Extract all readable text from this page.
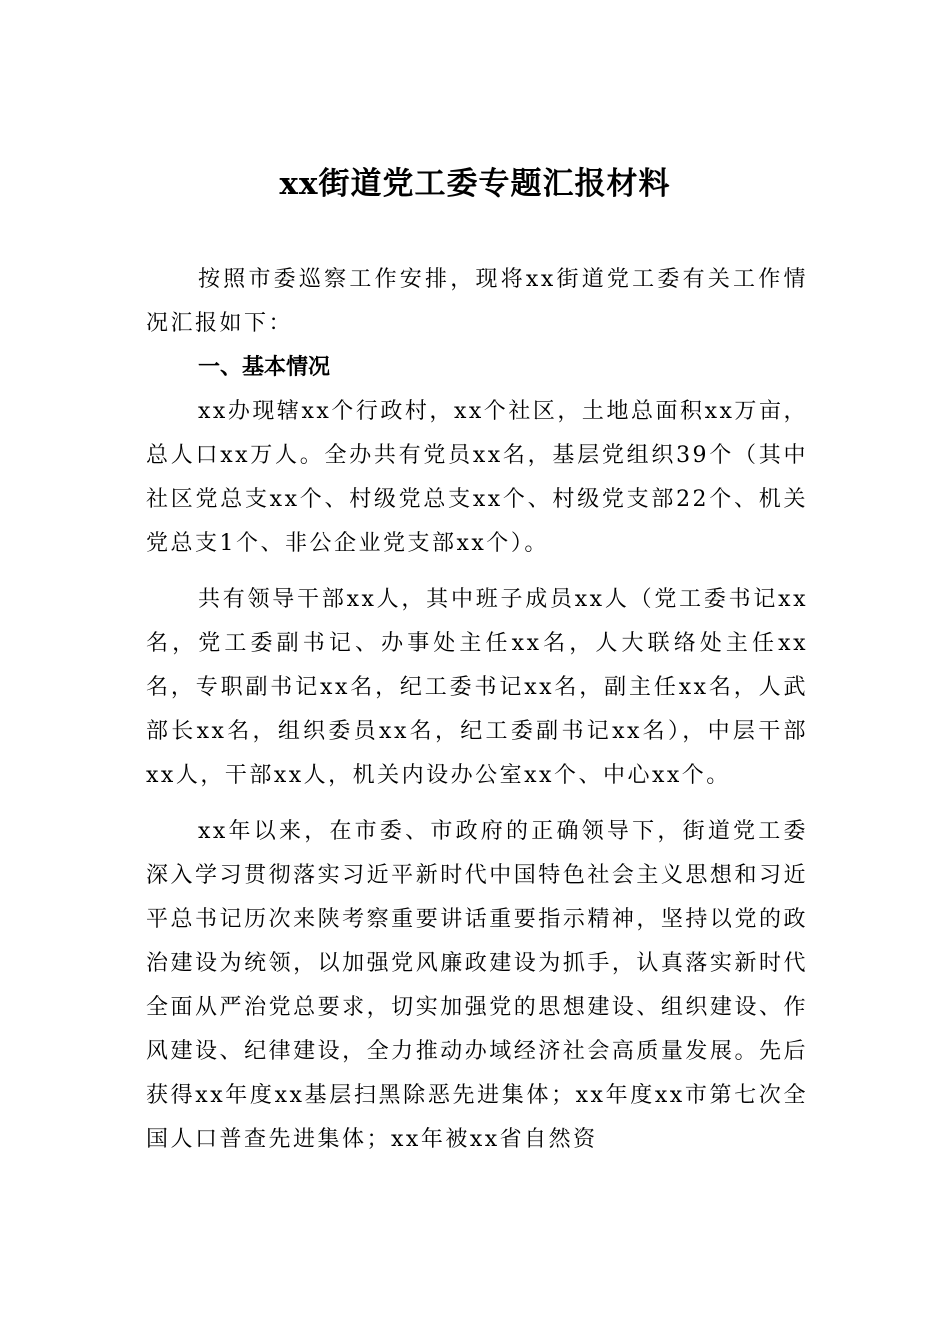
xx街道党工委专题汇报材料

按照市委巡察工作安排，现将xx街道党工委有关工作情况汇报如下：

一、基本情况

xx办现辖xx个行政村，xx个社区，土地总面积xx万亩，总人口xx万人。全办共有党员xx名，基层党组织39个（其中社区党总支xx个、村级党总支xx个、村级党支部22个、机关党总支1个、非公企业党支部xx个）。

共有领导干部xx人，其中班子成员xx人（党工委书记xx名，党工委副书记、办事处主任xx名，人大联络处主任xx名，专职副书记xx名，纪工委书记xx名，副主任xx名，人武部长xx名，组织委员xx名，纪工委副书记xx名），中层干部xx人，干部xx人，机关内设办公室xx个、中心xx个。

xx年以来，在市委、市政府的正确领导下，街道党工委深入学习贯彻落实习近平新时代中国特色社会主义思想和习近平总书记历次来陕考察重要讲话重要指示精神，坚持以党的政治建设为统领，以加强党风廉政建设为抓手，认真落实新时代全面从严治党总要求，切实加强党的思想建设、组织建设、作风建设、纪律建设，全力推动办域经济社会高质量发展。先后获得xx年度xx基层扫黑除恶先进集体；xx年度xx市第七次全国人口普查先进集体；xx年被xx省自然资
